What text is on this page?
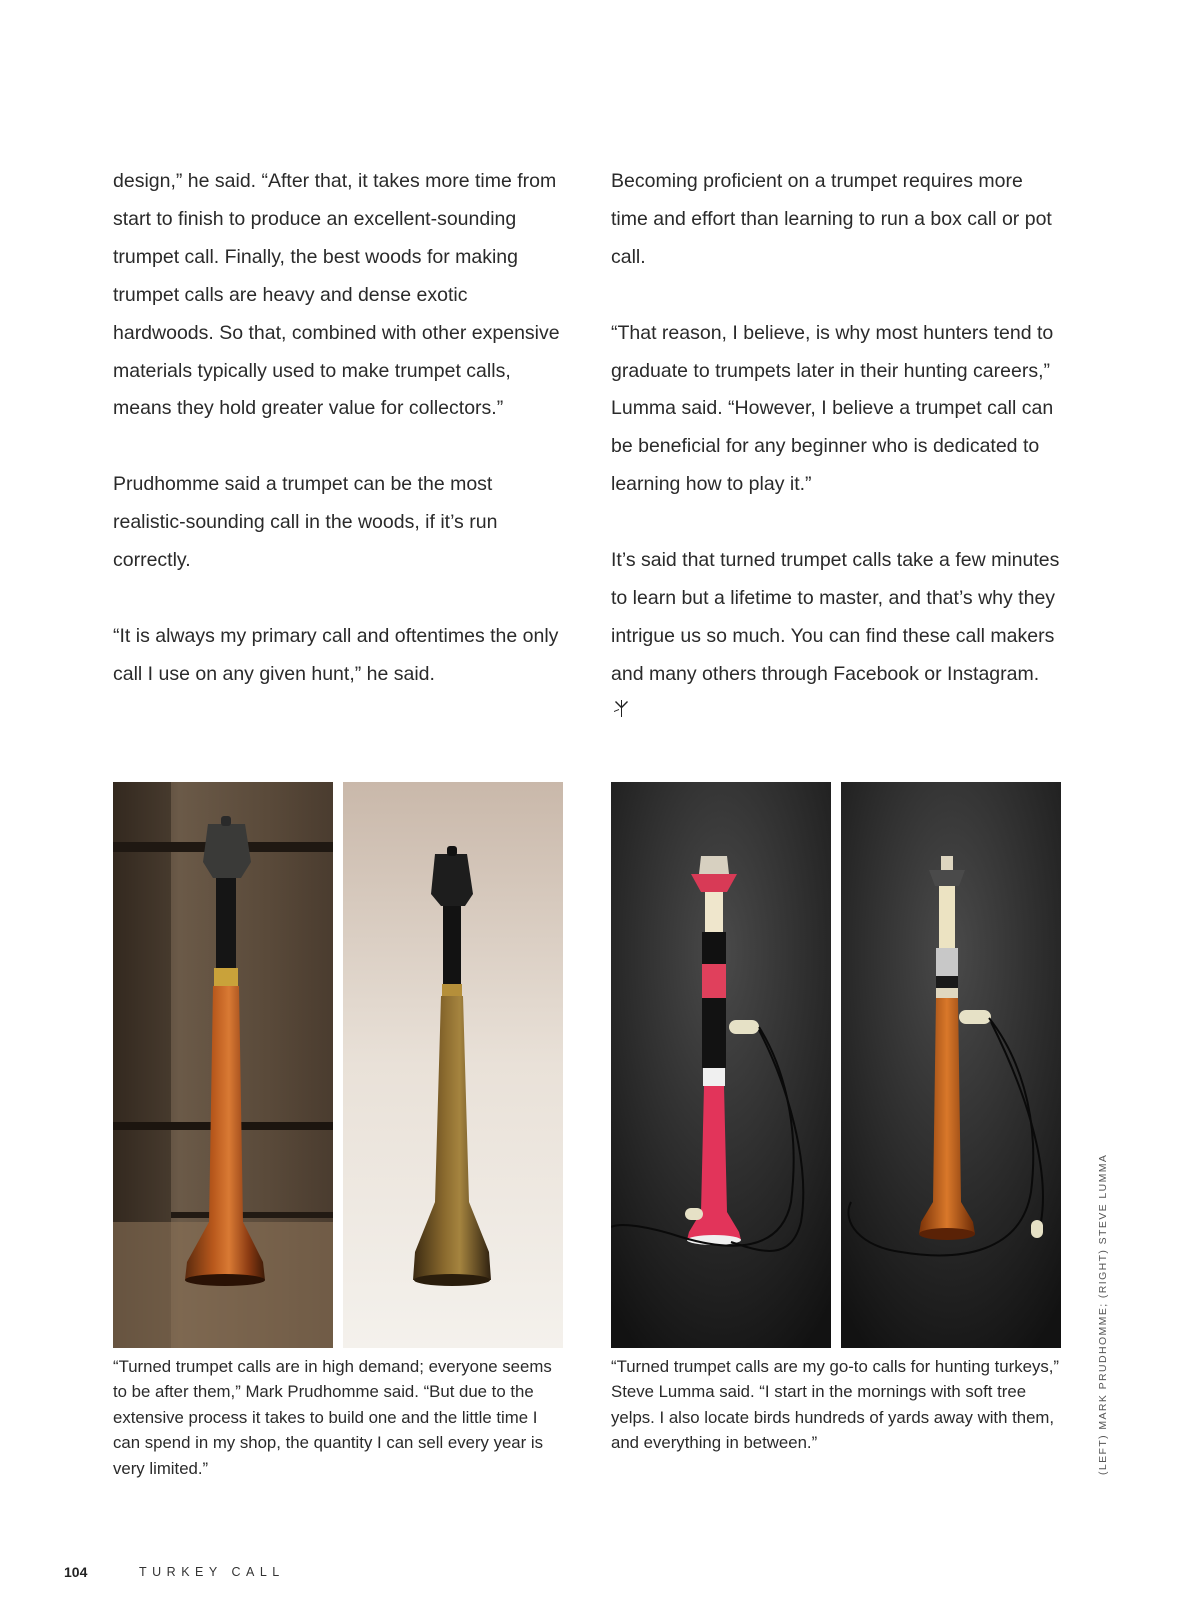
design,” he said. “After that, it takes more time from start to finish to produce an excellent-sounding trumpet call. Finally, the best woods for making trumpet calls are heavy and dense exotic hardwoods. So that, combined with other expensive materials typically used to make trumpet calls, means they hold greater value for collectors.”

Prudhomme said a trumpet can be the most realistic-sounding call in the woods, if it’s run correctly.

“It is always my primary call and oftentimes the only call I use on any given hunt,” he said.

Becoming proficient on a trumpet requires more time and effort than learning to run a box call or pot call.

“That reason, I believe, is why most hunters tend to graduate to trumpets later in their hunting careers,” Lumma said. “However, I believe a trumpet call can be beneficial for any beginner who is dedicated to learning how to play it.”

It’s said that turned trumpet calls take a few minutes to learn but a lifetime to master, and that’s why they intrigue us so much. You can find these call makers and many others through Facebook or Instagram.

“Turned trumpet calls are in high demand; everyone seems to be after them,” Mark Prudhomme said. “But due to the extensive process it takes to build one and the little time I can spend in my shop, the quantity I can sell every year is very limited.”
“Turned trumpet calls are my go-to calls for hunting turkeys,” Steve Lumma said. “I start in the mornings with soft tree yelps. I also locate birds hundreds of yards away with them, and everything in between.”	(LEFT) MARK PRUDHOMME; (RIGHT) STEVE LUMMA
104	TURKEY CALL
